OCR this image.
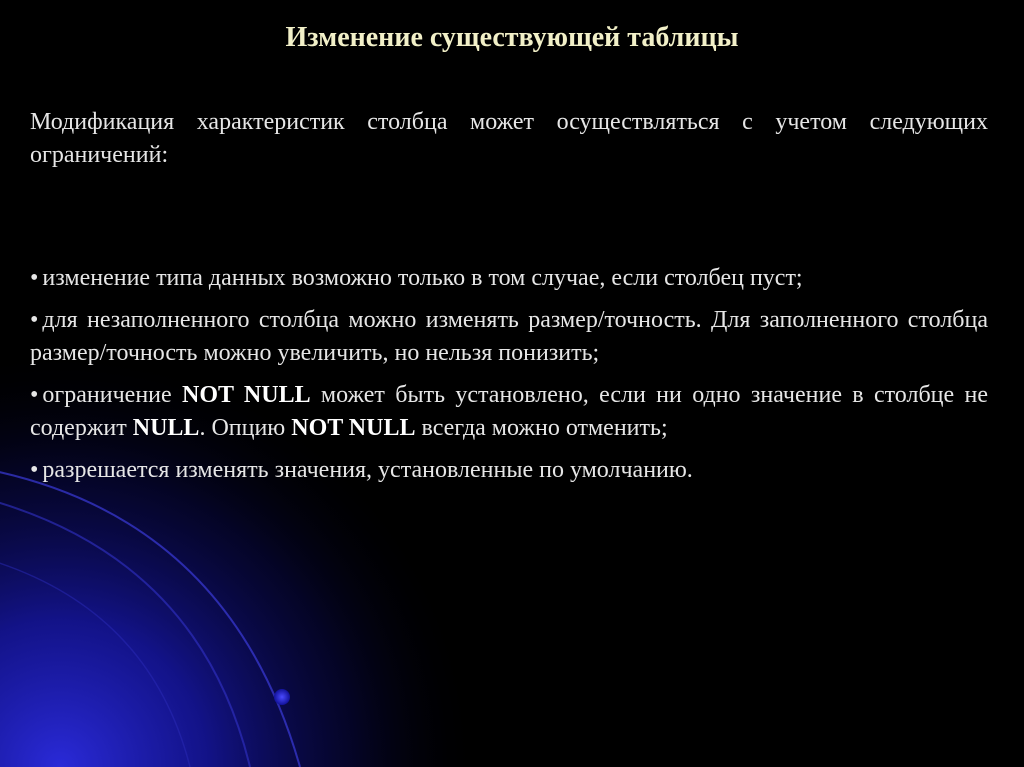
Изменение существующей таблицы

Модификация характеристик столбца может осуществляться с учетом следующих ограничений:

• изменение типа данных возможно только в том случае, если столбец пуст;
• для незаполненного столбца можно изменять размер/точность. Для заполненного столбца размер/точность можно увеличить, но нельзя понизить;
• ограничение NOT NULL может быть установлено, если ни одно значение в столбце не содержит NULL. Опцию NOT NULL всегда можно отменить;
• разрешается изменять значения, установленные по умолчанию.
